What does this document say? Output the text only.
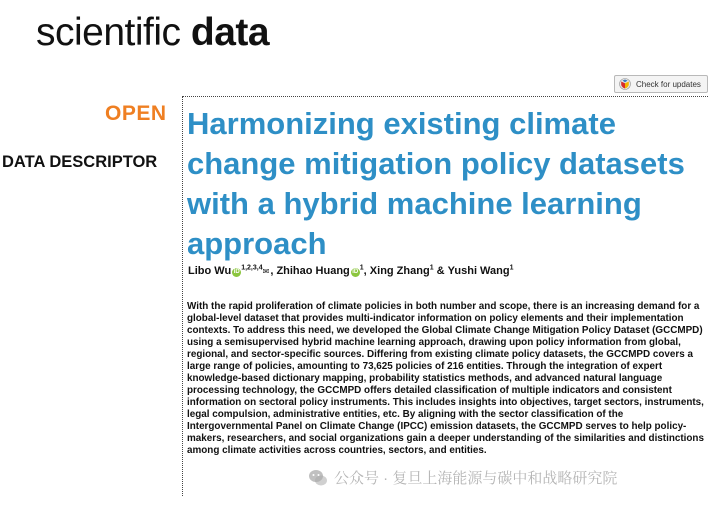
scientific data
Check for updates
OPEN
DATA DESCRIPTOR
Harmonizing existing climate change mitigation policy datasets with a hybrid machine learning approach
Libo Wu iD$^{1,2,3,4}$✉ , Zhihao Huang $iD^1$ , Xing Zhang$^1$ & Yushi Wang$^1$

With the rapid proliferation of climate policies in both number and scope, there is an increasing demand for a global-level dataset that provides multi-indicator information on policy elements and their implementation contexts. To address this need, we developed the Global Climate Change Mitigation Policy Dataset (GCCMPD) using a semisupervised hybrid machine learning approach, drawing upon policy information from global, regional, and sector-specific sources. Differing from existing climate policy datasets, the GCCMPD covers a large range of policies, amounting to 73,625 policies of 216 entities. Through the integration of expert knowledge-based dictionary mapping, probability statistics methods, and advanced natural language processing technology, the GCCMPD offers detailed classification of multiple indicators and consistent information on sectoral policy instruments. This includes insights into objectives, target sectors, instruments, legal compulsion, administrative entities, etc. By aligning with the sector classification of the Intergovernmental Panel on Climate Change (IPCC) emission datasets, the GCCMPD serves to help policy-makers, researchers, and social organizations gain a deeper understanding of the similarities and distinctions among climate activities across countries, sectors, and entities.

公众号 · 复旦上海能源与碳中和战略研究院
